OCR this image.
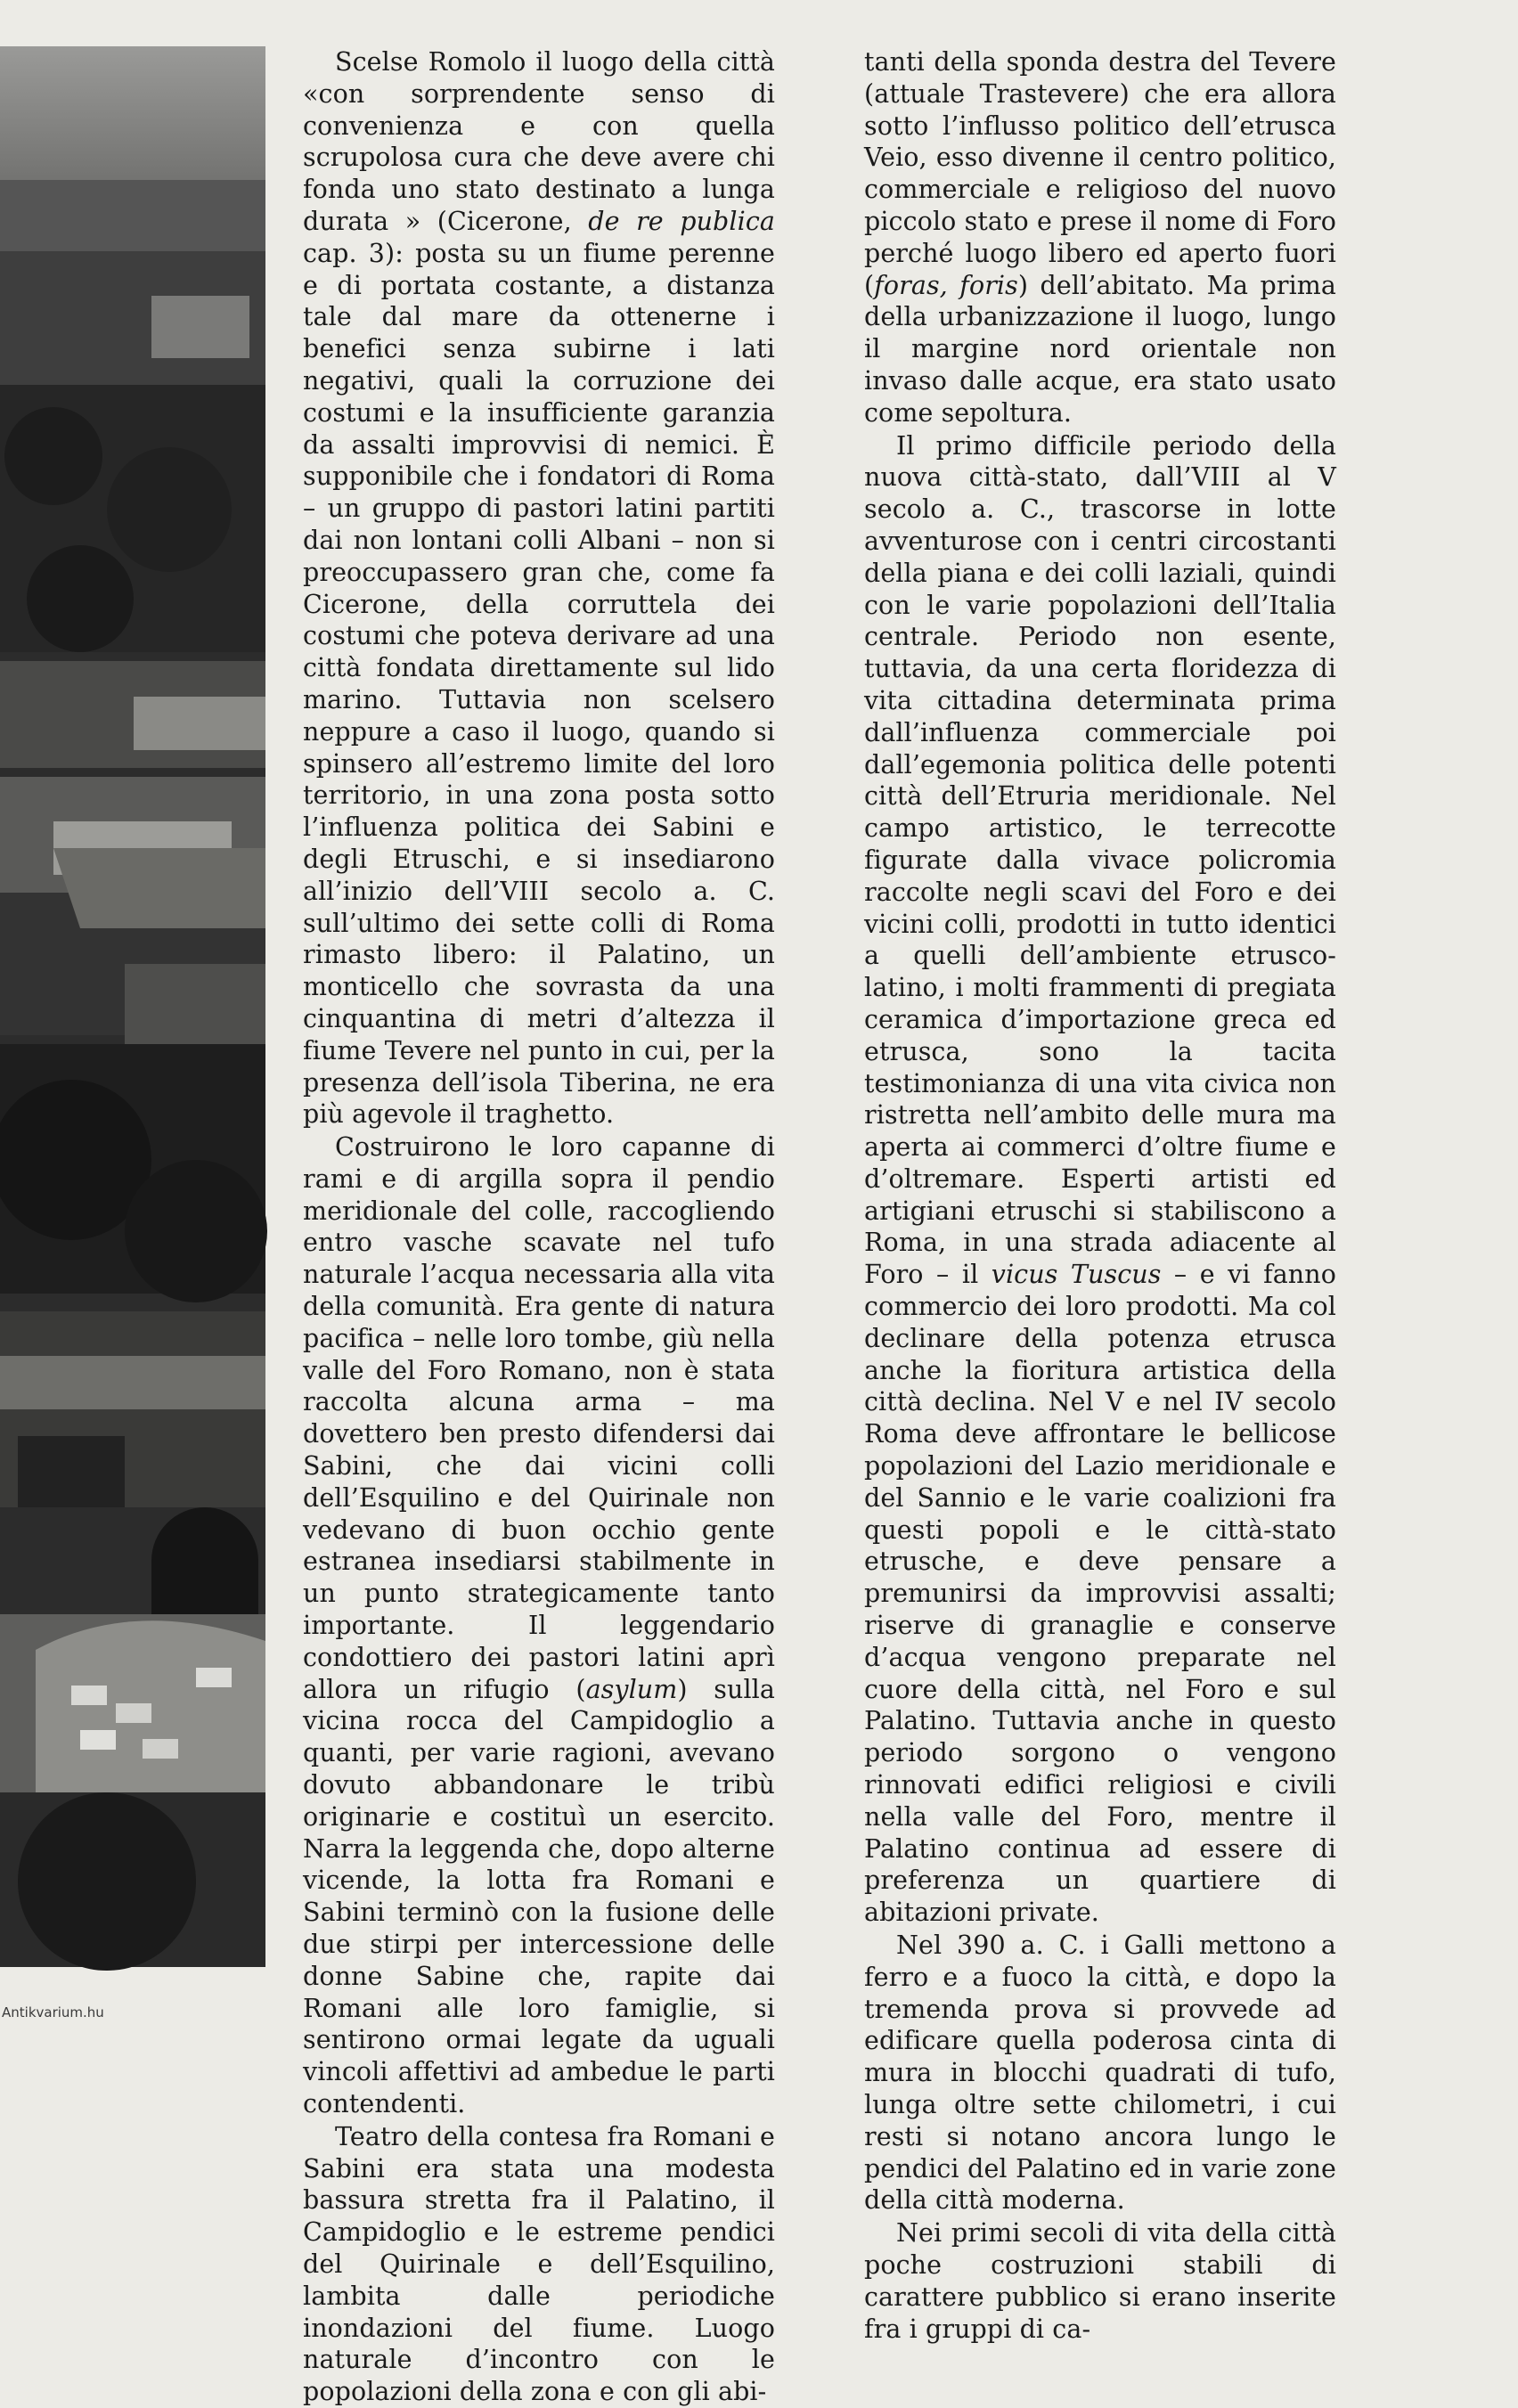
Scelse Romolo il luogo della città «con sorprendente senso di convenienza e con quella scrupolosa cura che deve avere chi fonda uno stato destinato a lunga durata » (Cicerone, de re publica cap. 3): posta su un fiume perenne e di portata costante, a distanza tale dal mare da ottenerne i benefici senza subirne i lati negativi, quali la corruzione dei costumi e la insufficiente garanzia da assalti improvvisi di nemici. È supponibile che i fondatori di Roma – un gruppo di pastori latini partiti dai non lontani colli Albani – non si preoccupassero gran che, come fa Cicerone, della corruttela dei costumi che poteva derivare ad una città fondata direttamente sul lido marino. Tuttavia non scelsero neppure a caso il luogo, quando si spinsero all’estremo limite del loro territorio, in una zona posta sotto l’influenza politica dei Sabini e degli Etruschi, e si insediarono all’inizio dell’VIII secolo a. C. sull’ultimo dei sette colli di Roma rimasto libero: il Palatino, un monticello che sovrasta da una cinquantina di metri d’altezza il fiume Tevere nel punto in cui, per la presenza dell’isola Tiberina, ne era più agevole il traghetto.

Costruirono le loro capanne di rami e di argilla sopra il pendio meridionale del colle, raccogliendo entro vasche scavate nel tufo naturale l’acqua necessaria alla vita della comunità. Era gente di natura pacifica – nelle loro tombe, giù nella valle del Foro Romano, non è stata raccolta alcuna arma – ma dovettero ben presto difendersi dai Sabini, che dai vicini colli dell’Esquilino e del Quirinale non vedevano di buon occhio gente estranea insediarsi stabilmente in un punto strategicamente tanto importante. Il leggendario condottiero dei pastori latini aprì allora un rifugio (asylum) sulla vicina rocca del Campidoglio a quanti, per varie ragioni, avevano dovuto abbandonare le tribù originarie e costituì un esercito. Narra la leggenda che, dopo alterne vicende, la lotta fra Romani e Sabini terminò con la fusione delle due stirpi per intercessione delle donne Sabine che, rapite dai Romani alle loro famiglie, si sentirono ormai legate da uguali vincoli affettivi ad ambedue le parti contendenti.

Teatro della contesa fra Romani e Sabini era stata una modesta bassura stretta fra il Palatino, il Campidoglio e le estreme pendici del Quirinale e dell’Esquilino, lambita dalle periodiche inondazioni del fiume. Luogo naturale d’incontro con le popolazioni della zona e con gli abi-

tanti della sponda destra del Tevere (attuale Trastevere) che era allora sotto l’influsso politico dell’etrusca Veio, esso divenne il centro politico, commerciale e religioso del nuovo piccolo stato e prese il nome di Foro perché luogo libero ed aperto fuori (foras, foris) dell’abitato. Ma prima della urbanizzazione il luogo, lungo il margine nord orientale non invaso dalle acque, era stato usato come sepoltura.

Il primo difficile periodo della nuova città-stato, dall’VIII al V secolo a. C., trascorse in lotte avventurose con i centri circostanti della piana e dei colli laziali, quindi con le varie popolazioni dell’Italia centrale. Periodo non esente, tuttavia, da una certa floridezza di vita cittadina determinata prima dall’influenza commerciale poi dall’egemonia politica delle potenti città dell’Etruria meridionale. Nel campo artistico, le terrecotte figurate dalla vivace policromia raccolte negli scavi del Foro e dei vicini colli, prodotti in tutto identici a quelli dell’ambiente etrusco-latino, i molti frammenti di pregiata ceramica d’importazione greca ed etrusca, sono la tacita testimonianza di una vita civica non ristretta nell’ambito delle mura ma aperta ai commerci d’oltre fiume e d’oltremare. Esperti artisti ed artigiani etruschi si stabiliscono a Roma, in una strada adiacente al Foro – il vicus Tuscus – e vi fanno commercio dei loro prodotti. Ma col declinare della potenza etrusca anche la fioritura artistica della città declina. Nel V e nel IV secolo Roma deve affrontare le bellicose popolazioni del Lazio meridionale e del Sannio e le varie coalizioni fra questi popoli e le città-stato etrusche, e deve pensare a premunirsi da improvvisi assalti; riserve di granaglie e conserve d’acqua vengono preparate nel cuore della città, nel Foro e sul Palatino. Tuttavia anche in questo periodo sorgono o vengono rinnovati edifici religiosi e civili nella valle del Foro, mentre il Palatino continua ad essere di preferenza un quartiere di abitazioni private.

Nel 390 a. C. i Galli mettono a ferro e a fuoco la città, e dopo la tremenda prova si provvede ad edificare quella poderosa cinta di mura in blocchi quadrati di tufo, lunga oltre sette chilometri, i cui resti si notano ancora lungo le pendici del Palatino ed in varie zone della città moderna.

Nei primi secoli di vita della città poche costruzioni stabili di carattere pubblico si erano inserite fra i gruppi di ca-

Antikvarium.hu
